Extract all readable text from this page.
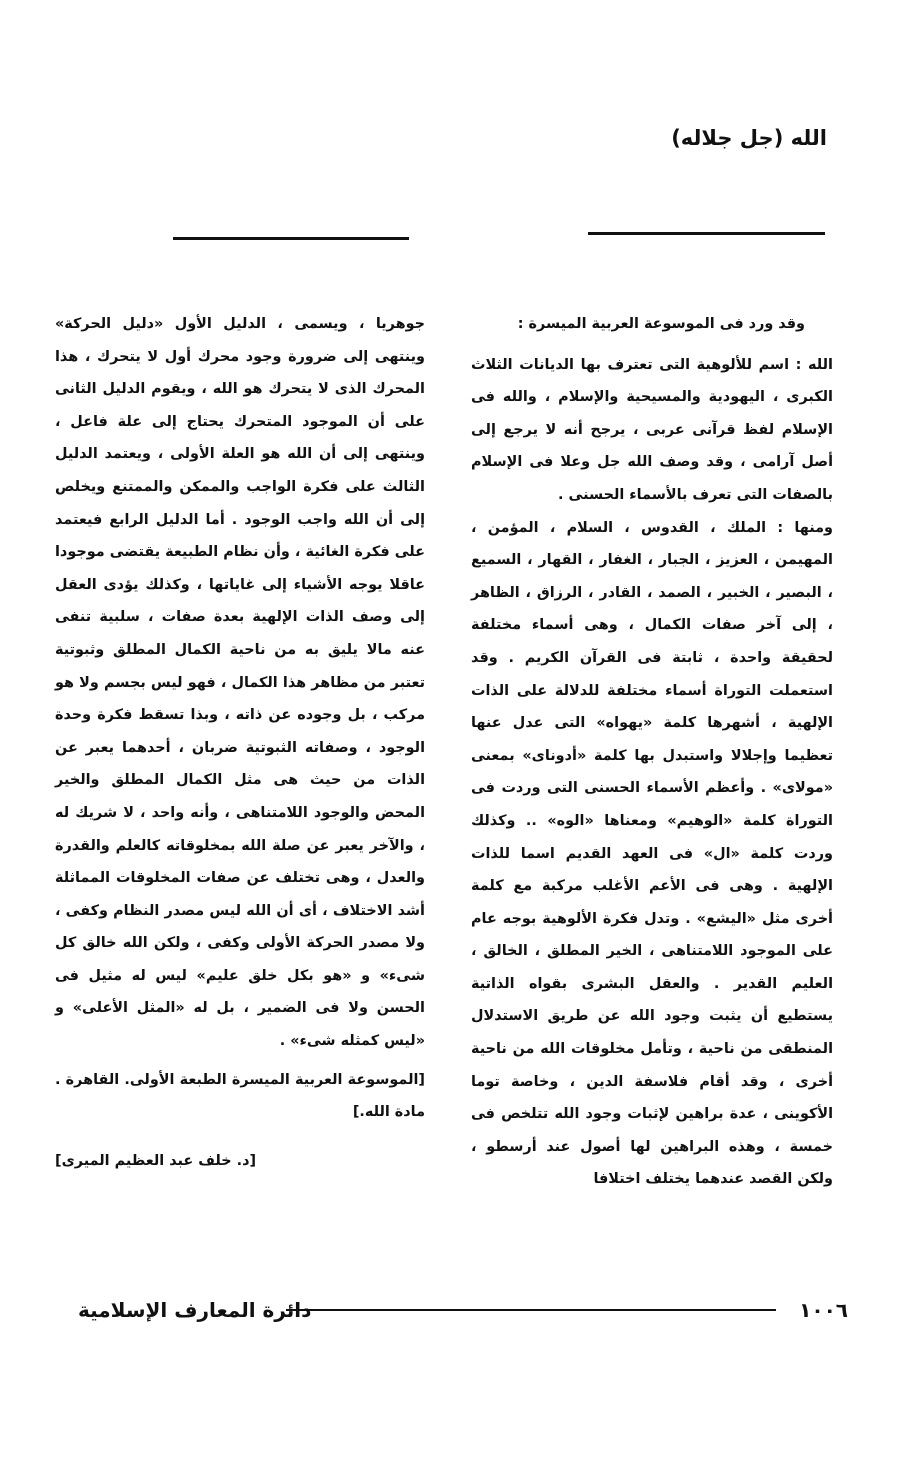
الله (جل جلاله)

وقد ورد فى الموسوعة العربية الميسرة :

الله : اسم للألوهية التى تعترف بها الديانات الثلاث الكبرى ، اليهودية والمسيحية والإسلام ، والله فى الإسلام لفظ قرآنى عربى ، يرجح أنه لا يرجع إلى أصل آرامى ، وقد وصف الله جل وعلا فى الإسلام بالصفات التى تعرف بالأسماء الحسنى .

ومنها : الملك ، القدوس ، السلام ، المؤمن ، المهيمن ، العزيز ، الجبار ، الغفار ، القهار ، السميع ، البصير ، الخبير ، الصمد ، القادر ، الرزاق ، الظاهر ، إلى آخر صفات الكمال ، وهى أسماء مختلفة لحقيقة واحدة ، ثابتة فى القرآن الكريم . وقد استعملت التوراة أسماء مختلفة للدلالة على الذات الإلهية ، أشهرها كلمة «يهواه» التى عدل عنها تعظيما وإجلالا واستبدل بها كلمة «أدوناى» بمعنى «مولاى» . وأعظم الأسماء الحسنى التى وردت فى التوراة كلمة «الوهيم» ومعناها «الوه» .. وكذلك وردت كلمة «ال» فى العهد القديم اسما للذات الإلهية . وهى فى الأعم الأغلب مركبة مع كلمة أخرى مثل «اليشع» . وتدل فكرة الألوهية بوجه عام على الموجود اللامتناهى ، الخير المطلق ، الخالق ، العليم القدير . والعقل البشرى بقواه الذاتية يستطيع أن يثبت وجود الله عن طريق الاستدلال المنطقى من ناحية ، وتأمل مخلوقات الله من ناحية أخرى ، وقد أقام فلاسفة الدين ، وخاصة توما الأكوينى ، عدة براهين لإثبات وجود الله تتلخص فى خمسة ، وهذه البراهين لها أصول عند أرسطو ، ولكن القصد عندهما يختلف اختلافا

جوهريا ، ويسمى ، الدليل الأول «دليل الحركة» وينتهى إلى ضرورة وجود محرك أول لا يتحرك ، هذا المحرك الذى لا يتحرك هو الله ، ويقوم الدليل الثانى على أن الموجود المتحرك يحتاج إلى علة فاعل ، وينتهى إلى أن الله هو العلة الأولى ، ويعتمد الدليل الثالث على فكرة الواجب والممكن والممتنع ويخلص إلى أن الله واجب الوجود . أما الدليل الرابع فيعتمد على فكرة الغائية ، وأن نظام الطبيعة يقتضى موجودا عاقلا يوجه الأشياء إلى غاياتها ، وكذلك يؤدى العقل إلى وصف الذات الإلهية بعدة صفات ، سلبية تنفى عنه مالا يليق به من ناحية الكمال المطلق وثبوتية تعتبر من مظاهر هذا الكمال ، فهو ليس بجسم ولا هو مركب ، بل وجوده عن ذاته ، وبذا تسقط فكرة وحدة الوجود ، وصفاته الثبوتية ضربان ، أحدهما يعبر عن الذات من حيث هى مثل الكمال المطلق والخير المحض والوجود اللامتناهى ، وأنه واحد ، لا شريك له ، والآخر يعبر عن صلة الله بمخلوقاته كالعلم والقدرة والعدل ، وهى تختلف عن صفات المخلوقات المماثلة أشد الاختلاف ، أى أن الله ليس مصدر النظام وكفى ، ولا مصدر الحركة الأولى وكفى ، ولكن الله خالق كل شىء» و «هو بكل خلق عليم» ليس له مثيل فى الحسن ولا فى الضمير ، بل له «المثل الأعلى» و «ليس كمثله شىء» .

[الموسوعة العربية الميسرة الطبعة الأولى. القاهرة . مادة الله.]

[د. خلف عبد العظيم الميرى]

١٠٠٦
دائرة المعارف الإسلامية
